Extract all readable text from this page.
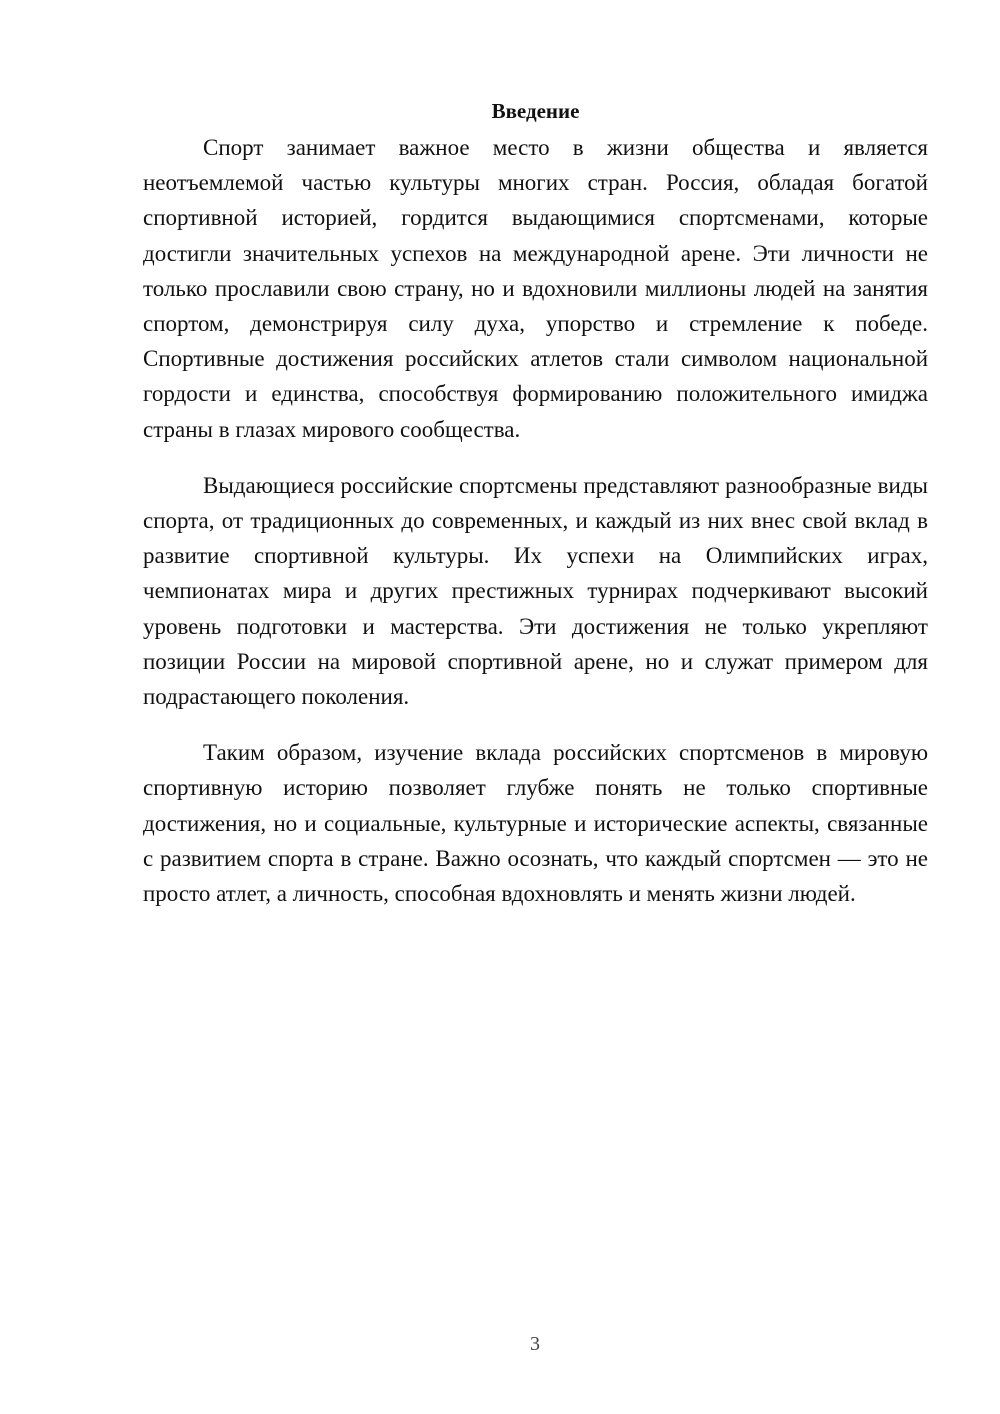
Введение

Спорт занимает важное место в жизни общества и является неотъемлемой частью культуры многих стран. Россия, обладая богатой спортивной историей, гордится выдающимися спортсменами, которые достигли значительных успехов на международной арене. Эти личности не только прославили свою страну, но и вдохновили миллионы людей на занятия спортом, демонстрируя силу духа, упорство и стремление к победе. Спортивные достижения российских атлетов стали символом национальной гордости и единства, способствуя формированию положительного имиджа страны в глазах мирового сообщества.

Выдающиеся российские спортсмены представляют разнообразные виды спорта, от традиционных до современных, и каждый из них внес свой вклад в развитие спортивной культуры. Их успехи на Олимпийских играх, чемпионатах мира и других престижных турнирах подчеркивают высокий уровень подготовки и мастерства. Эти достижения не только укрепляют позиции России на мировой спортивной арене, но и служат примером для подрастающего поколения.

Таким образом, изучение вклада российских спортсменов в мировую спортивную историю позволяет глубже понять не только спортивные достижения, но и социальные, культурные и исторические аспекты, связанные с развитием спорта в стране. Важно осознать, что каждый спортсмен — это не просто атлет, а личность, способная вдохновлять и менять жизни людей.

3
